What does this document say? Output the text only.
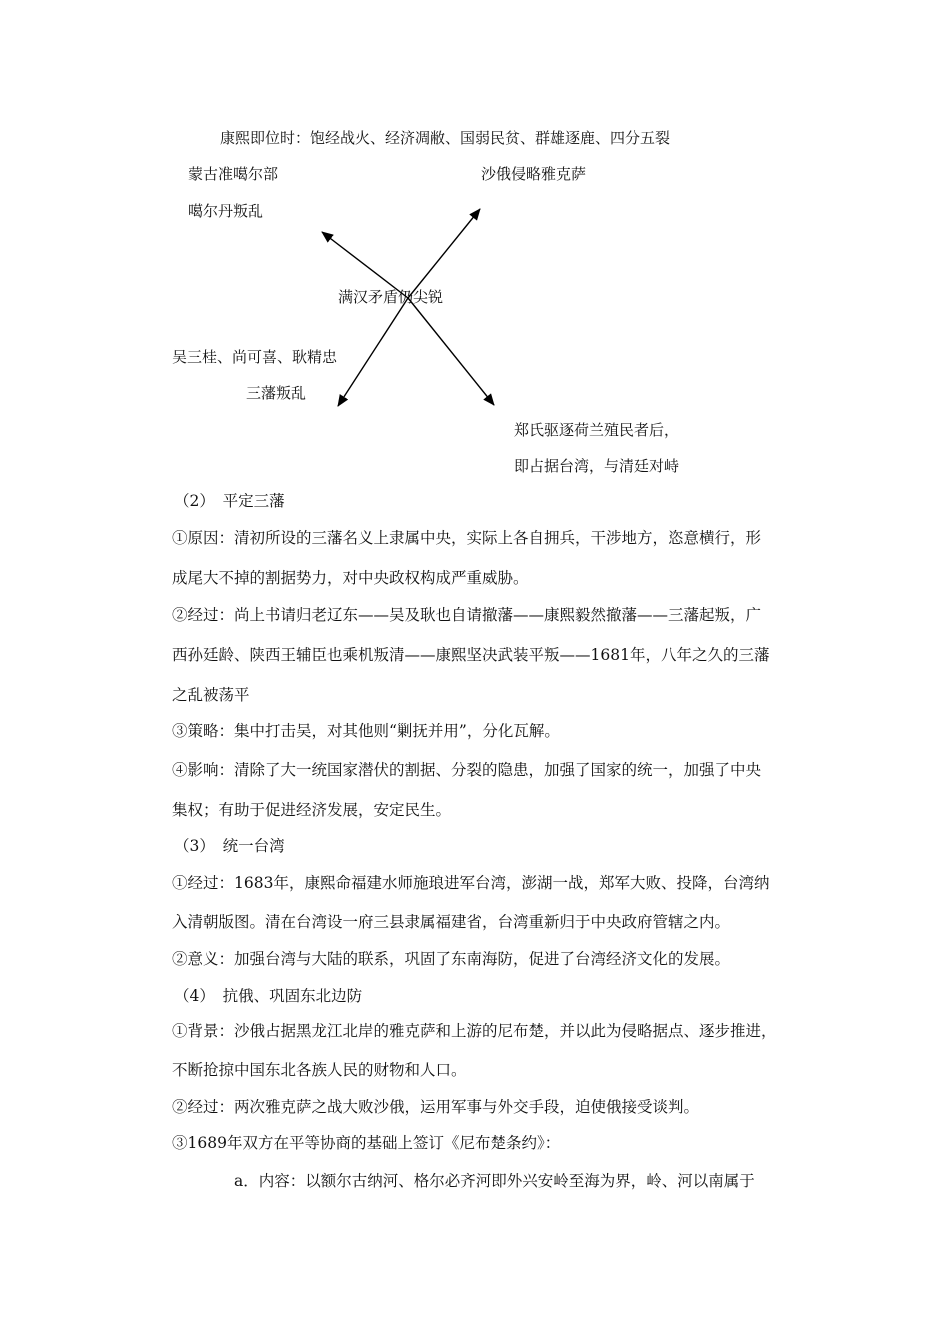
康熙即位时：饱经战火、经济凋敝、国弱民贫、群雄逐鹿、四分五裂
蒙古准噶尔部
噶尔丹叛乱
沙俄侵略雅克萨
满汉矛盾仍尖锐
吴三桂、尚可喜、耿精忠
三藩叛乱
郑氏驱逐荷兰殖民者后，
即占据台湾，与清廷对峙
（2）　平定三藩
①原因：清初所设的三藩名义上隶属中央，实际上各自拥兵，干涉地方，恣意横行，形
成尾大不掉的割据势力，对中央政权构成严重威胁。
②经过：尚上书请归老辽东——吴及耿也自请撤藩——康熙毅然撤藩——三藩起叛，广
西孙廷龄、陕西王辅臣也乘机叛清——康熙坚决武装平叛——1681年，八年之久的三藩
之乱被荡平
③策略：集中打击吴，对其他则“剿抚并用”，分化瓦解。
④影响：清除了大一统国家潜伏的割据、分裂的隐患，加强了国家的统一，加强了中央
集权；有助于促进经济发展，安定民生。
（3）　统一台湾
①经过：1683年，康熙命福建水师施琅进军台湾，澎湖一战，郑军大败、投降，台湾纳
入清朝版图。清在台湾设一府三县隶属福建省，台湾重新归于中央政府管辖之内。
②意义：加强台湾与大陆的联系，巩固了东南海防，促进了台湾经济文化的发展。
（4）　抗俄、巩固东北边防
①背景：沙俄占据黑龙江北岸的雅克萨和上游的尼布楚，并以此为侵略据点、逐步推进，
不断抢掠中国东北各族人民的财物和人口。
②经过：两次雅克萨之战大败沙俄，运用军事与外交手段，迫使俄接受谈判。
③1689年双方在平等协商的基础上签订《尼布楚条约》：
a．内容：以额尔古纳河、格尔必齐河即外兴安岭至海为界，岭、河以南属于
